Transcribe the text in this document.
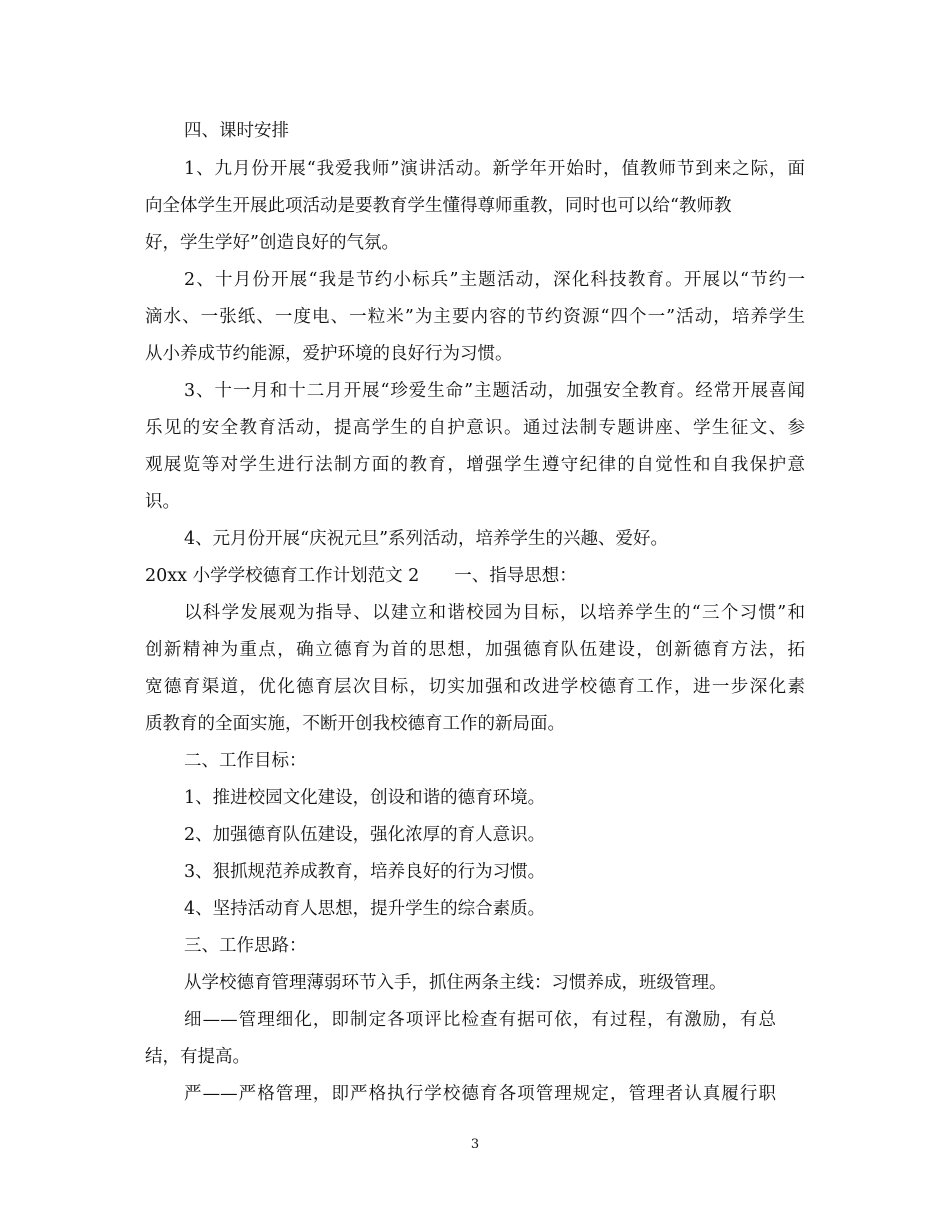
四、课时安排
1、九月份开展“我爱我师”演讲活动。新学年开始时，值教师节到来之际，面
向全体学生开展此项活动是要教育学生懂得尊师重教，同时也可以给“教师教
好，学生学好”创造良好的气氛。
2、十月份开展“我是节约小标兵”主题活动，深化科技教育。开展以“节约一
滴水、一张纸、一度电、一粒米”为主要内容的节约资源“四个一”活动，培养学生
从小养成节约能源，爱护环境的良好行为习惯。
3、十一月和十二月开展“珍爱生命”主题活动，加强安全教育。经常开展喜闻
乐见的安全教育活动，提高学生的自护意识。通过法制专题讲座、学生征文、参
观展览等对学生进行法制方面的教育，增强学生遵守纪律的自觉性和自我保护意
识。
4、元月份开展“庆祝元旦”系列活动，培养学生的兴趣、爱好。
20xx 小学学校德育工作计划范文 2　　一、指导思想：
以科学发展观为指导、以建立和谐校园为目标，以培养学生的“三个习惯”和
创新精神为重点，确立德育为首的思想，加强德育队伍建设，创新德育方法，拓
宽德育渠道，优化德育层次目标，切实加强和改进学校德育工作，进一步深化素
质教育的全面实施，不断开创我校德育工作的新局面。
二、工作目标：
1、推进校园文化建设，创设和谐的德育环境。
2、加强德育队伍建设，强化浓厚的育人意识。
3、狠抓规范养成教育，培养良好的行为习惯。
4、坚持活动育人思想，提升学生的综合素质。
三、工作思路：
从学校德育管理薄弱环节入手，抓住两条主线：习惯养成，班级管理。
细——管理细化，即制定各项评比检查有据可依，有过程，有激励，有总
结，有提高。
严——严格管理，即严格执行学校德育各项管理规定，管理者认真履行职
3
